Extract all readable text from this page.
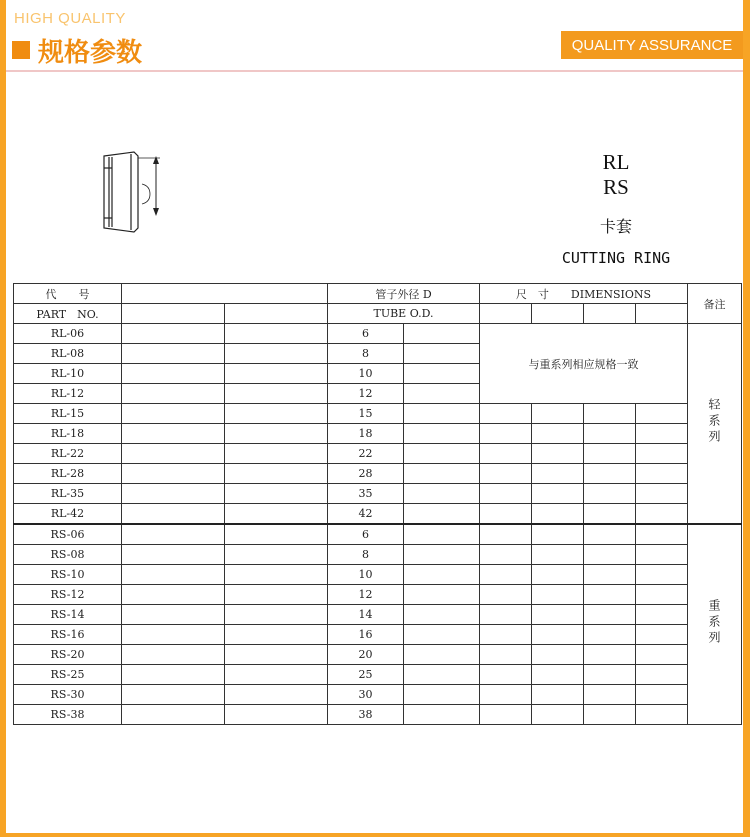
HIGH QUALITY
规格参数	QUALITY ASSURANCE
RL
RS
卡套
CUTTING RING
代　　号			管子外径 D		尺　寸　　DIMENSIONS				备注
PART　NO.			TUBE O.D.						
RL-06			6		与重系列相应规格一致				轻系列
RL-08			8						
RL-10			10						
RL-12			12						
RL-15			15						
RL-18			18						
RL-22			22						
RL-28			28						
RL-35			35						
RL-42			42						
RS-06			6						重系列
RS-08			8						
RS-10			10						
RS-12			12						
RS-14			14						
RS-16			16						
RS-20			20						
RS-25			25						
RS-30			30						
RS-38			38						
